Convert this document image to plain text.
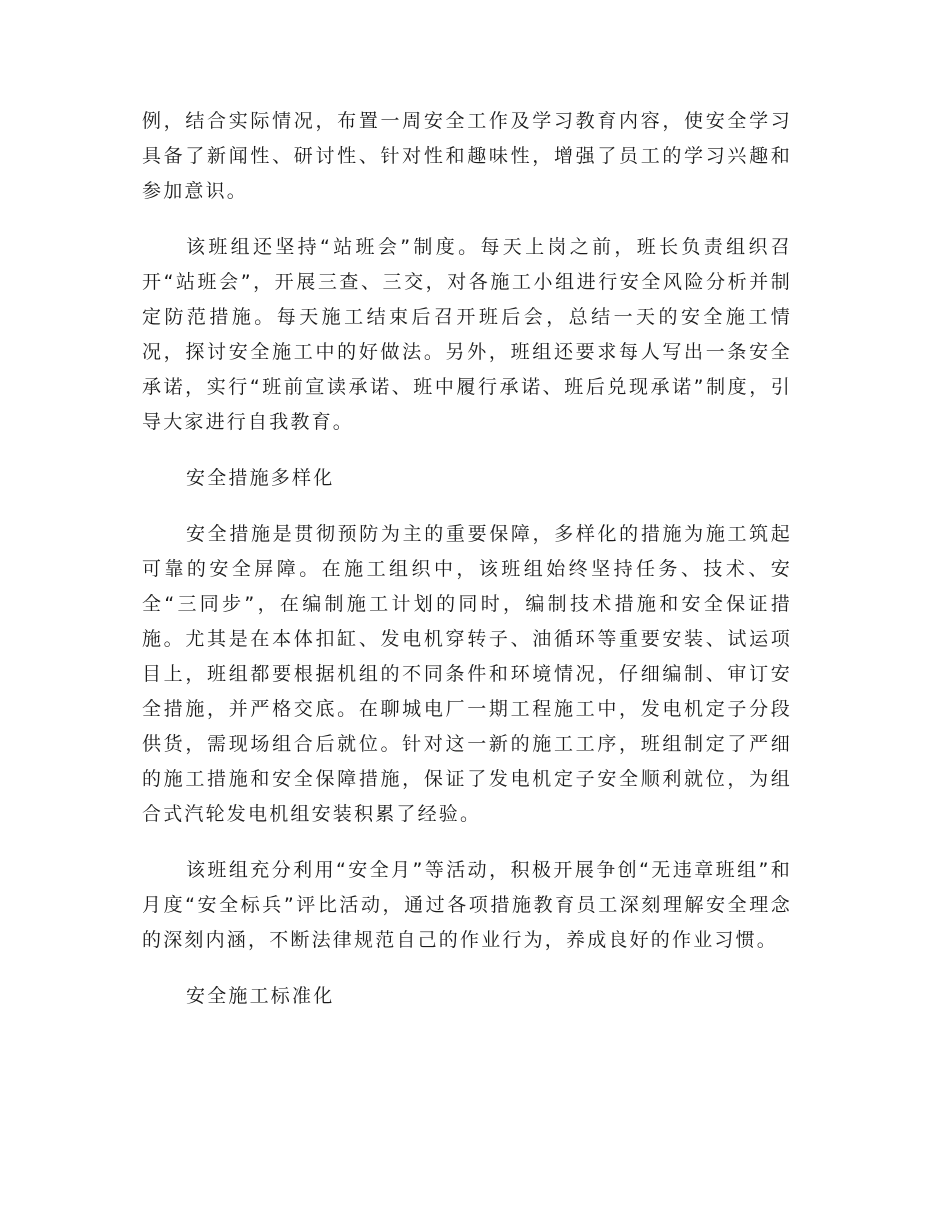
例，结合实际情况，布置一周安全工作及学习教育内容，使安全学习具备了新闻性、研讨性、针对性和趣味性，增强了员工的学习兴趣和参加意识。

该班组还坚持“站班会”制度。每天上岗之前，班长负责组织召开“站班会”，开展三查、三交，对各施工小组进行安全风险分析并制定防范措施。每天施工结束后召开班后会，总结一天的安全施工情况，探讨安全施工中的好做法。另外，班组还要求每人写出一条安全承诺，实行“班前宣读承诺、班中履行承诺、班后兑现承诺”制度，引导大家进行自我教育。

安全措施多样化

安全措施是贯彻预防为主的重要保障，多样化的措施为施工筑起可靠的安全屏障。在施工组织中，该班组始终坚持任务、技术、安全“三同步”，在编制施工计划的同时，编制技术措施和安全保证措施。尤其是在本体扣缸、发电机穿转子、油循环等重要安装、试运项目上，班组都要根据机组的不同条件和环境情况，仔细编制、审订安全措施，并严格交底。在聊城电厂一期工程施工中，发电机定子分段供货，需现场组合后就位。针对这一新的施工工序，班组制定了严细的施工措施和安全保障措施，保证了发电机定子安全顺利就位，为组合式汽轮发电机组安装积累了经验。

该班组充分利用“安全月”等活动，积极开展争创“无违章班组”和月度“安全标兵”评比活动，通过各项措施教育员工深刻理解安全理念的深刻内涵，不断法律规范自己的作业行为，养成良好的作业习惯。

安全施工标准化
